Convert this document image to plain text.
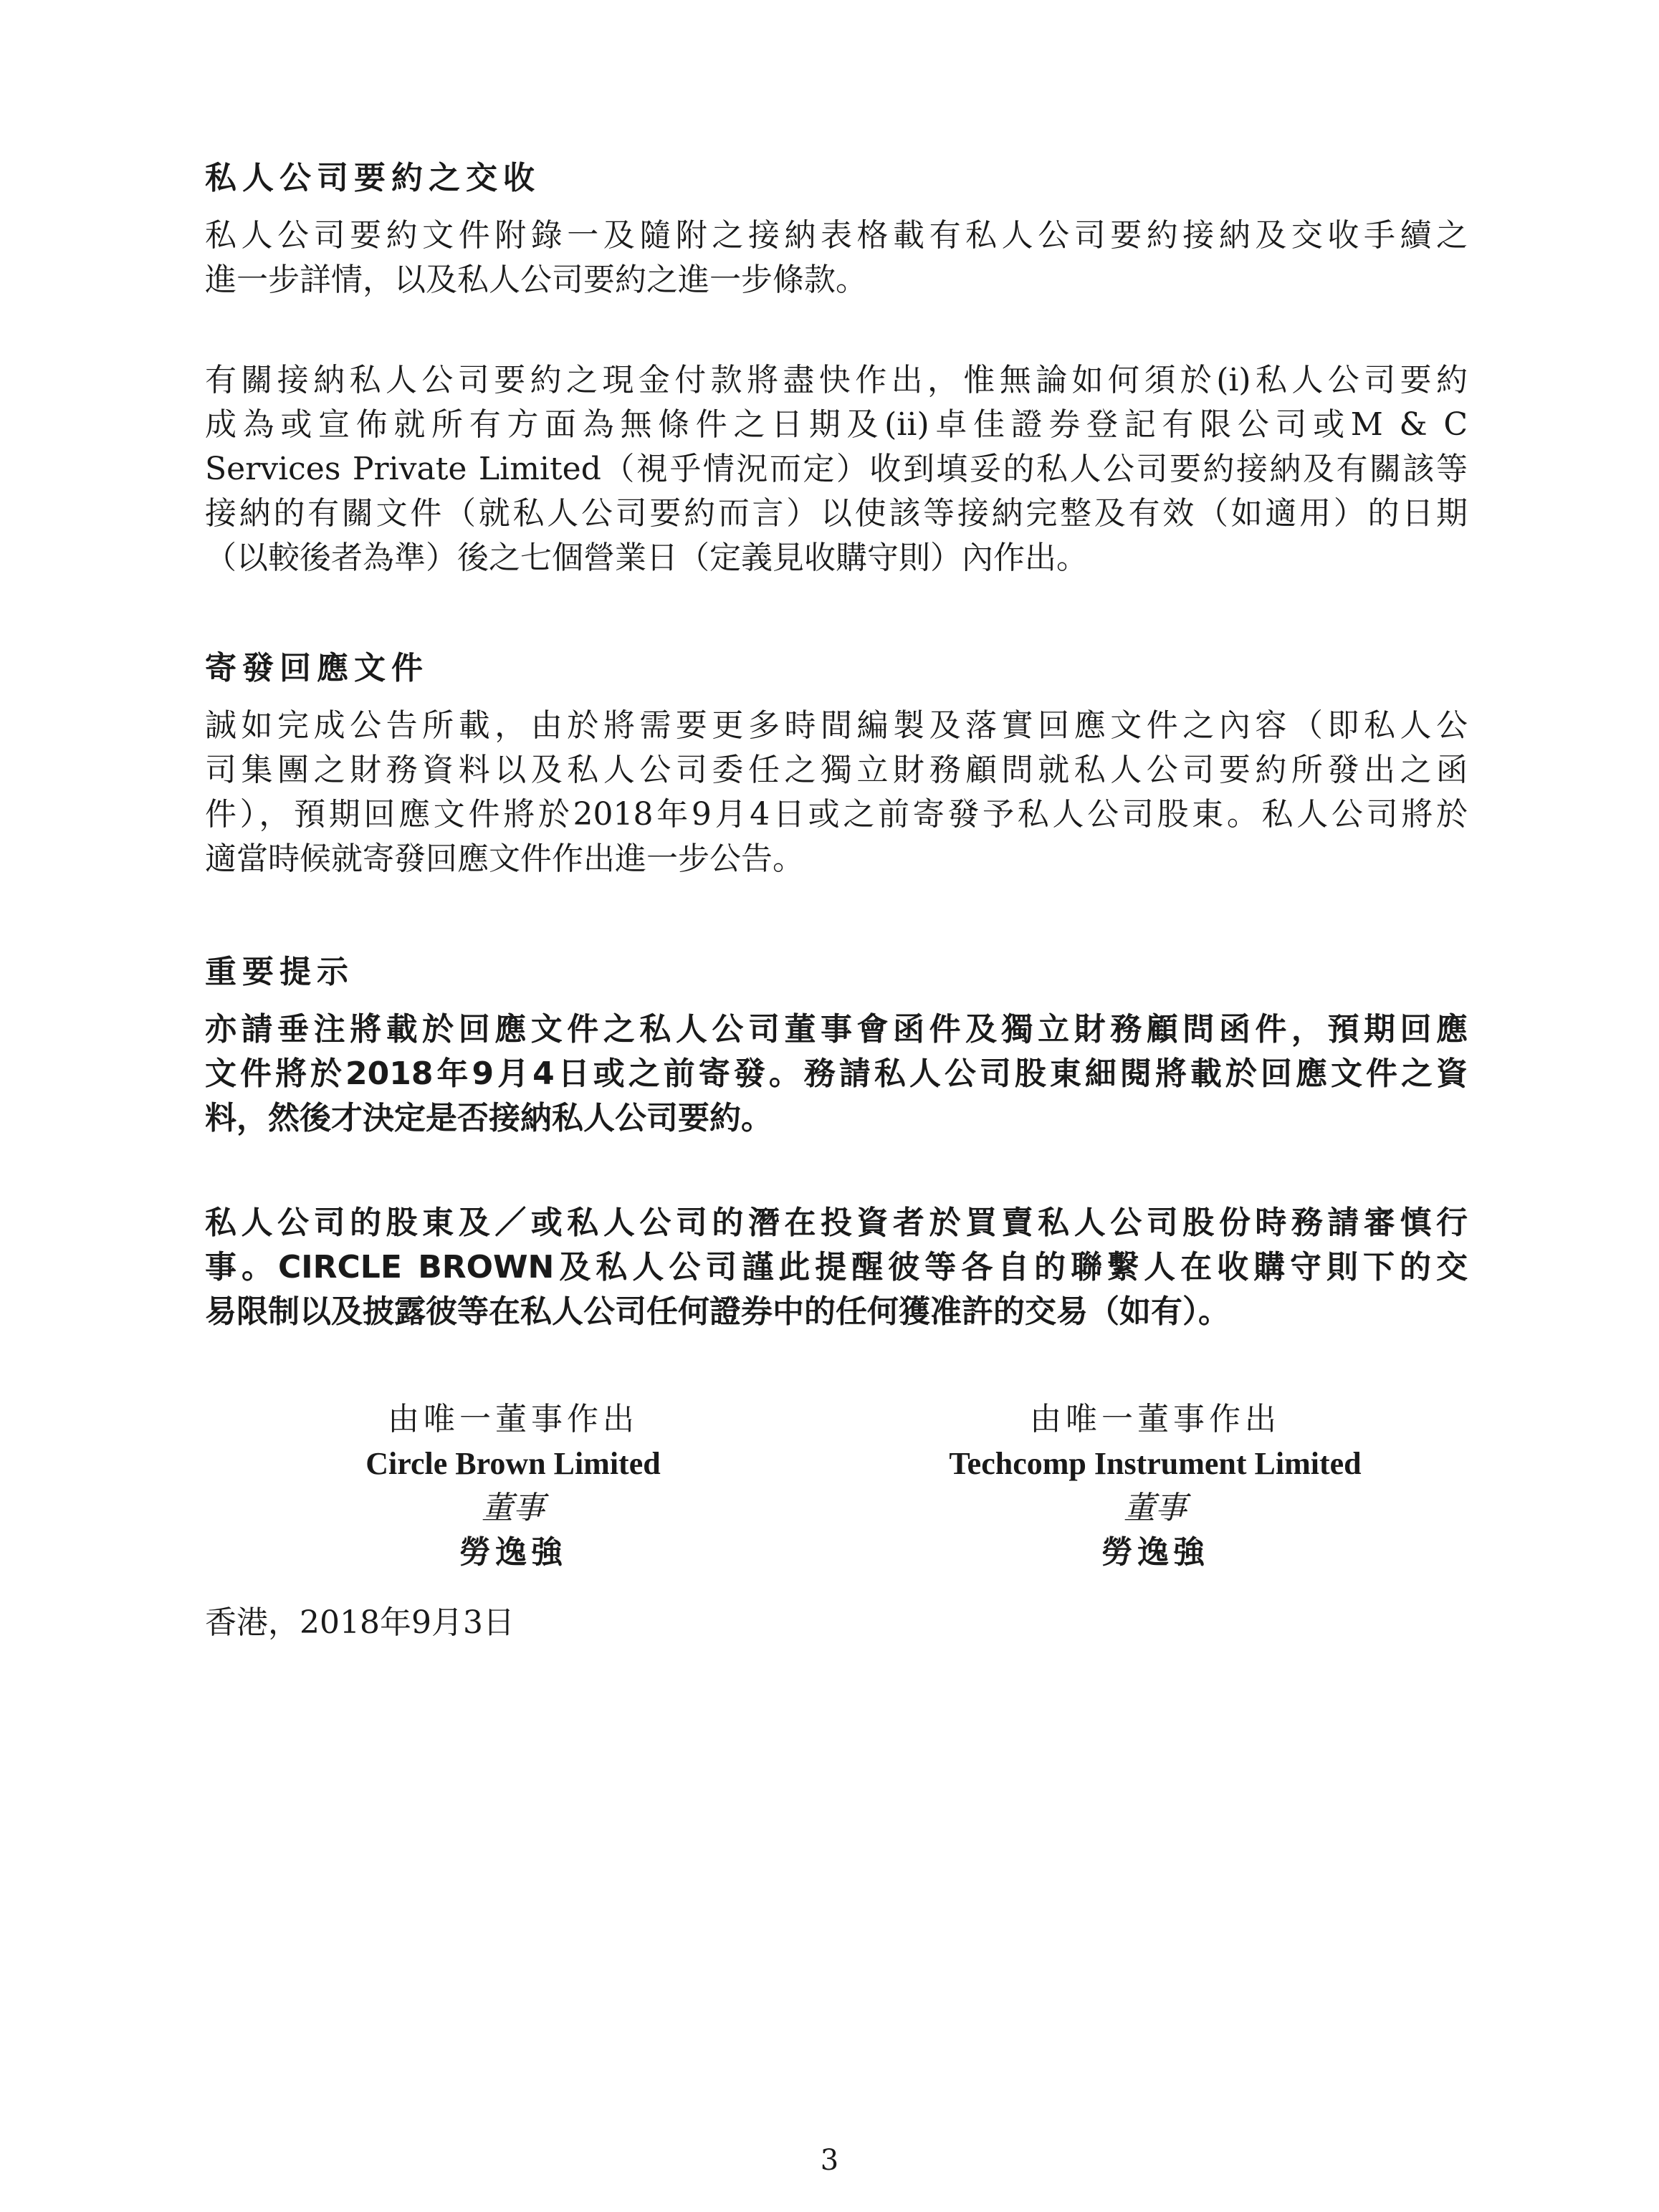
私人公司要約之交收
私人公司要約文件附錄一及隨附之接納表格載有私人公司要約接納及交收手續之
進一步詳情，以及私人公司要約之進一步條款。
有關接納私人公司要約之現金付款將盡快作出，惟無論如何須於(i)私人公司要約
成為或宣佈就所有方面為無條件之日期及(ii)卓佳證券登記有限公司或M & C
Services Private Limited（視乎情況而定）收到填妥的私人公司要約接納及有關該等
接納的有關文件（就私人公司要約而言）以使該等接納完整及有效（如適用）的日期
（以較後者為準）後之七個營業日（定義見收購守則）內作出。
寄發回應文件
誠如完成公告所載，由於將需要更多時間編製及落實回應文件之內容（即私人公
司集團之財務資料以及私人公司委任之獨立財務顧問就私人公司要約所發出之函
件），預期回應文件將於2018年9月4日或之前寄發予私人公司股東。私人公司將於
適當時候就寄發回應文件作出進一步公告。
重要提示
亦請垂注將載於回應文件之私人公司董事會函件及獨立財務顧問函件，預期回應
文件將於2018年9月4日或之前寄發。務請私人公司股東細閱將載於回應文件之資
料，然後才決定是否接納私人公司要約。
私人公司的股東及／或私人公司的潛在投資者於買賣私人公司股份時務請審慎行
事。CIRCLE BROWN及私人公司謹此提醒彼等各自的聯繫人在收購守則下的交
易限制以及披露彼等在私人公司任何證券中的任何獲准許的交易（如有）。
由唯一董事作出
Circle Brown Limited
董事
勞逸強
由唯一董事作出
Techcomp Instrument Limited
董事
勞逸強
香港，2018年9月3日
3
